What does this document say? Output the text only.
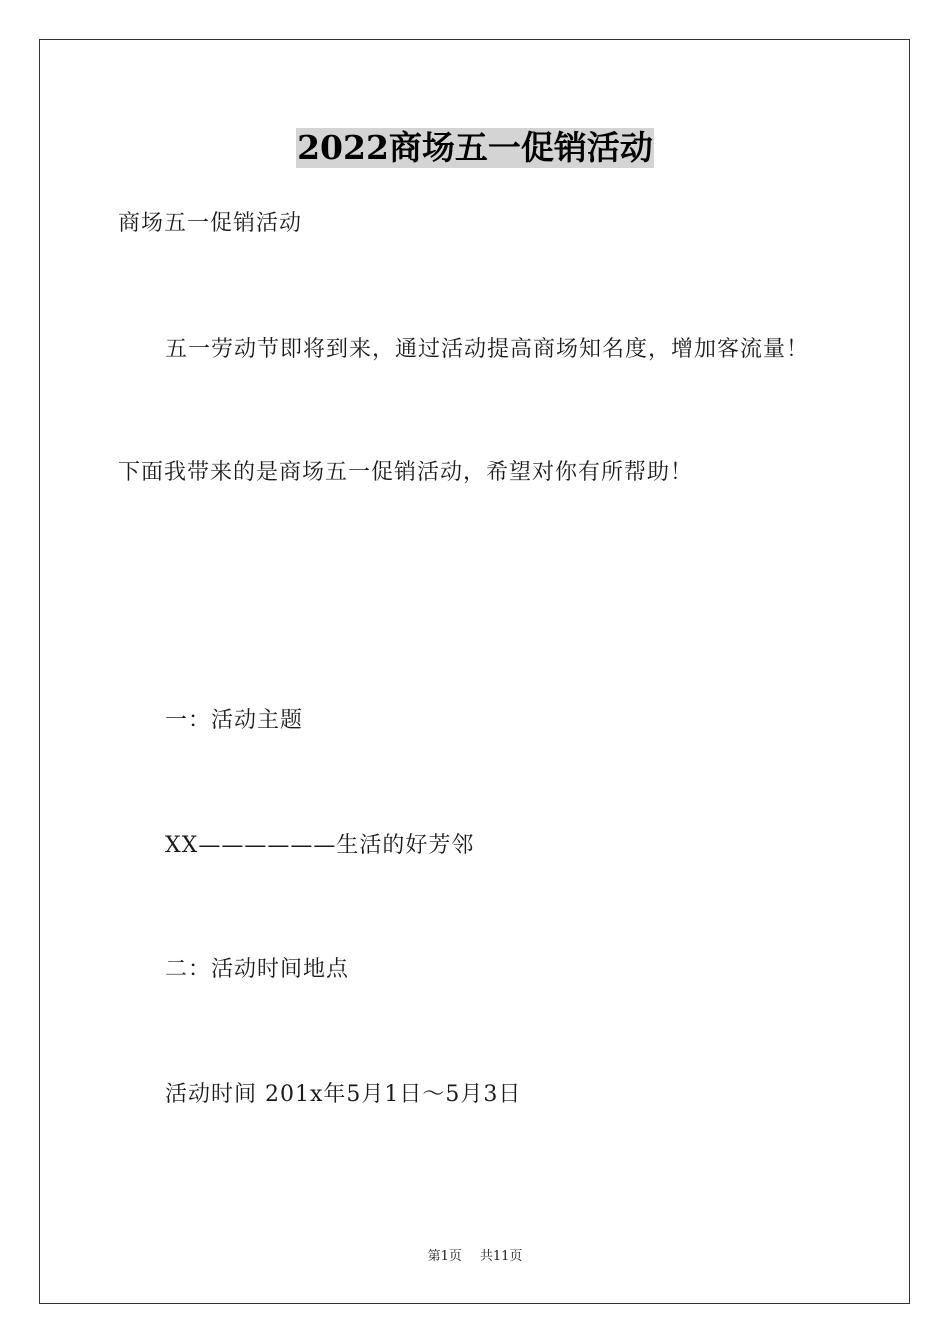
2022商场五一促销活动
商场五一促销活动
五一劳动节即将到来，通过活动提高商场知名度，增加客流量！
下面我带来的是商场五一促销活动，希望对你有所帮助！
一：活动主题
XX——————生活的好芳邻
二：活动时间地点
活动时间 201x年5月1日～5月3日
第1页 共11页
